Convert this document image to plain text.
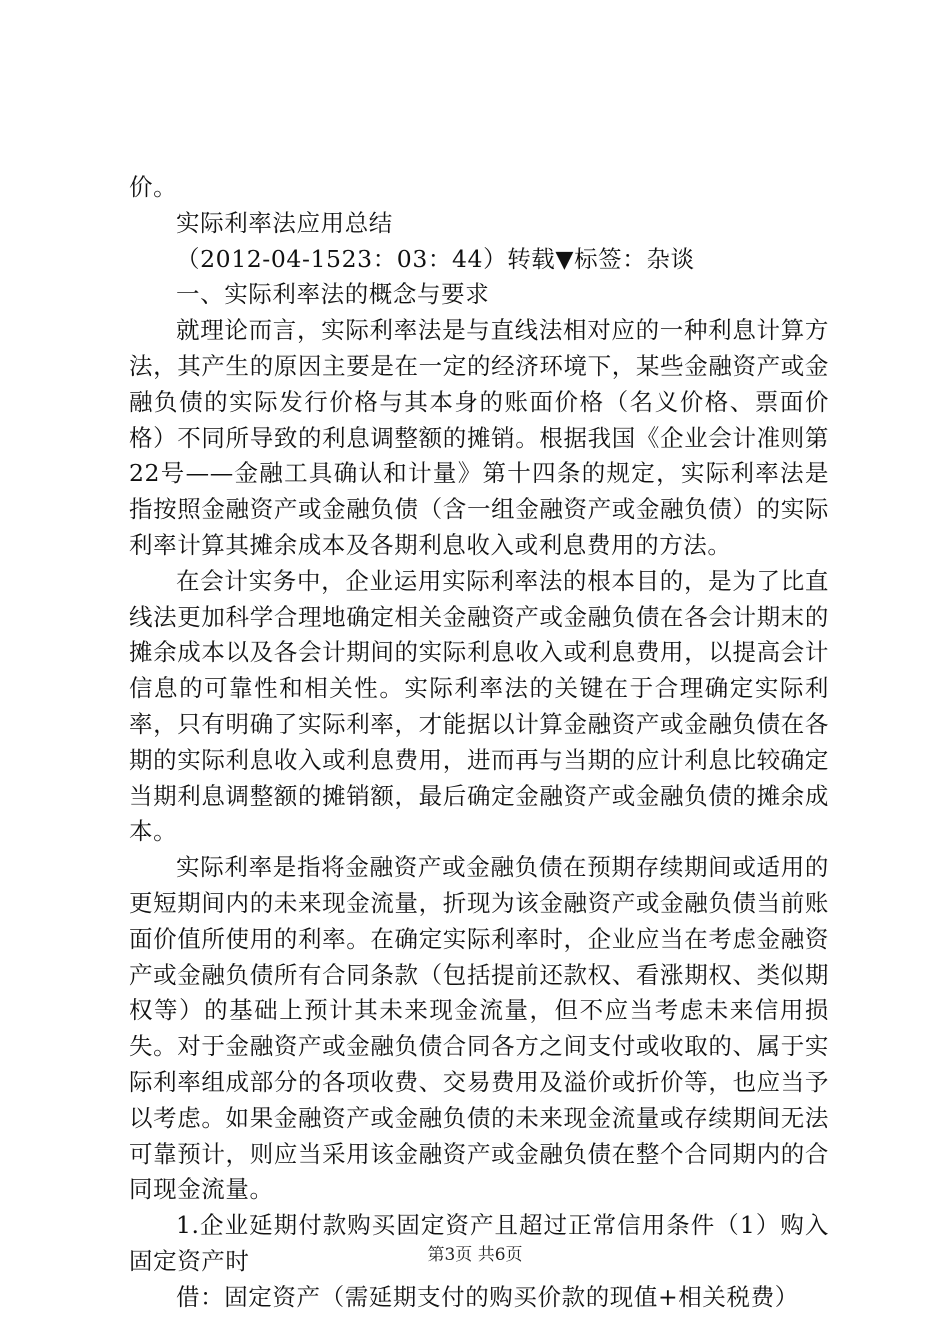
价。

实际利率法应用总结

（2012-04-1523：03：44）转载▼标签：杂谈

一、实际利率法的概念与要求

就理论而言，实际利率法是与直线法相对应的一种利息计算方法，其产生的原因主要是在一定的经济环境下，某些金融资产或金融负债的实际发行价格与其本身的账面价格（名义价格、票面价格）不同所导致的利息调整额的摊销。根据我国《企业会计准则第22号——金融工具确认和计量》第十四条的规定，实际利率法是指按照金融资产或金融负债（含一组金融资产或金融负债）的实际利率计算其摊余成本及各期利息收入或利息费用的方法。

在会计实务中，企业运用实际利率法的根本目的，是为了比直线法更加科学合理地确定相关金融资产或金融负债在各会计期末的摊余成本以及各会计期间的实际利息收入或利息费用，以提高会计信息的可靠性和相关性。实际利率法的关键在于合理确定实际利率，只有明确了实际利率，才能据以计算金融资产或金融负债在各期的实际利息收入或利息费用，进而再与当期的应计利息比较确定当期利息调整额的摊销额，最后确定金融资产或金融负债的摊余成本。

实际利率是指将金融资产或金融负债在预期存续期间或适用的更短期间内的未来现金流量，折现为该金融资产或金融负债当前账面价值所使用的利率。在确定实际利率时，企业应当在考虑金融资产或金融负债所有合同条款（包括提前还款权、看涨期权、类似期权等）的基础上预计其未来现金流量，但不应当考虑未来信用损失。对于金融资产或金融负债合同各方之间支付或收取的、属于实际利率组成部分的各项收费、交易费用及溢价或折价等，也应当予以考虑。如果金融资产或金融负债的未来现金流量或存续期间无法可靠预计，则应当采用该金融资产或金融负债在整个合同期内的合同现金流量。

1.企业延期付款购买固定资产且超过正常信用条件（1）购入固定资产时

借：固定资产（需延期支付的购买价款的现值+相关税费）

第3页 共6页
